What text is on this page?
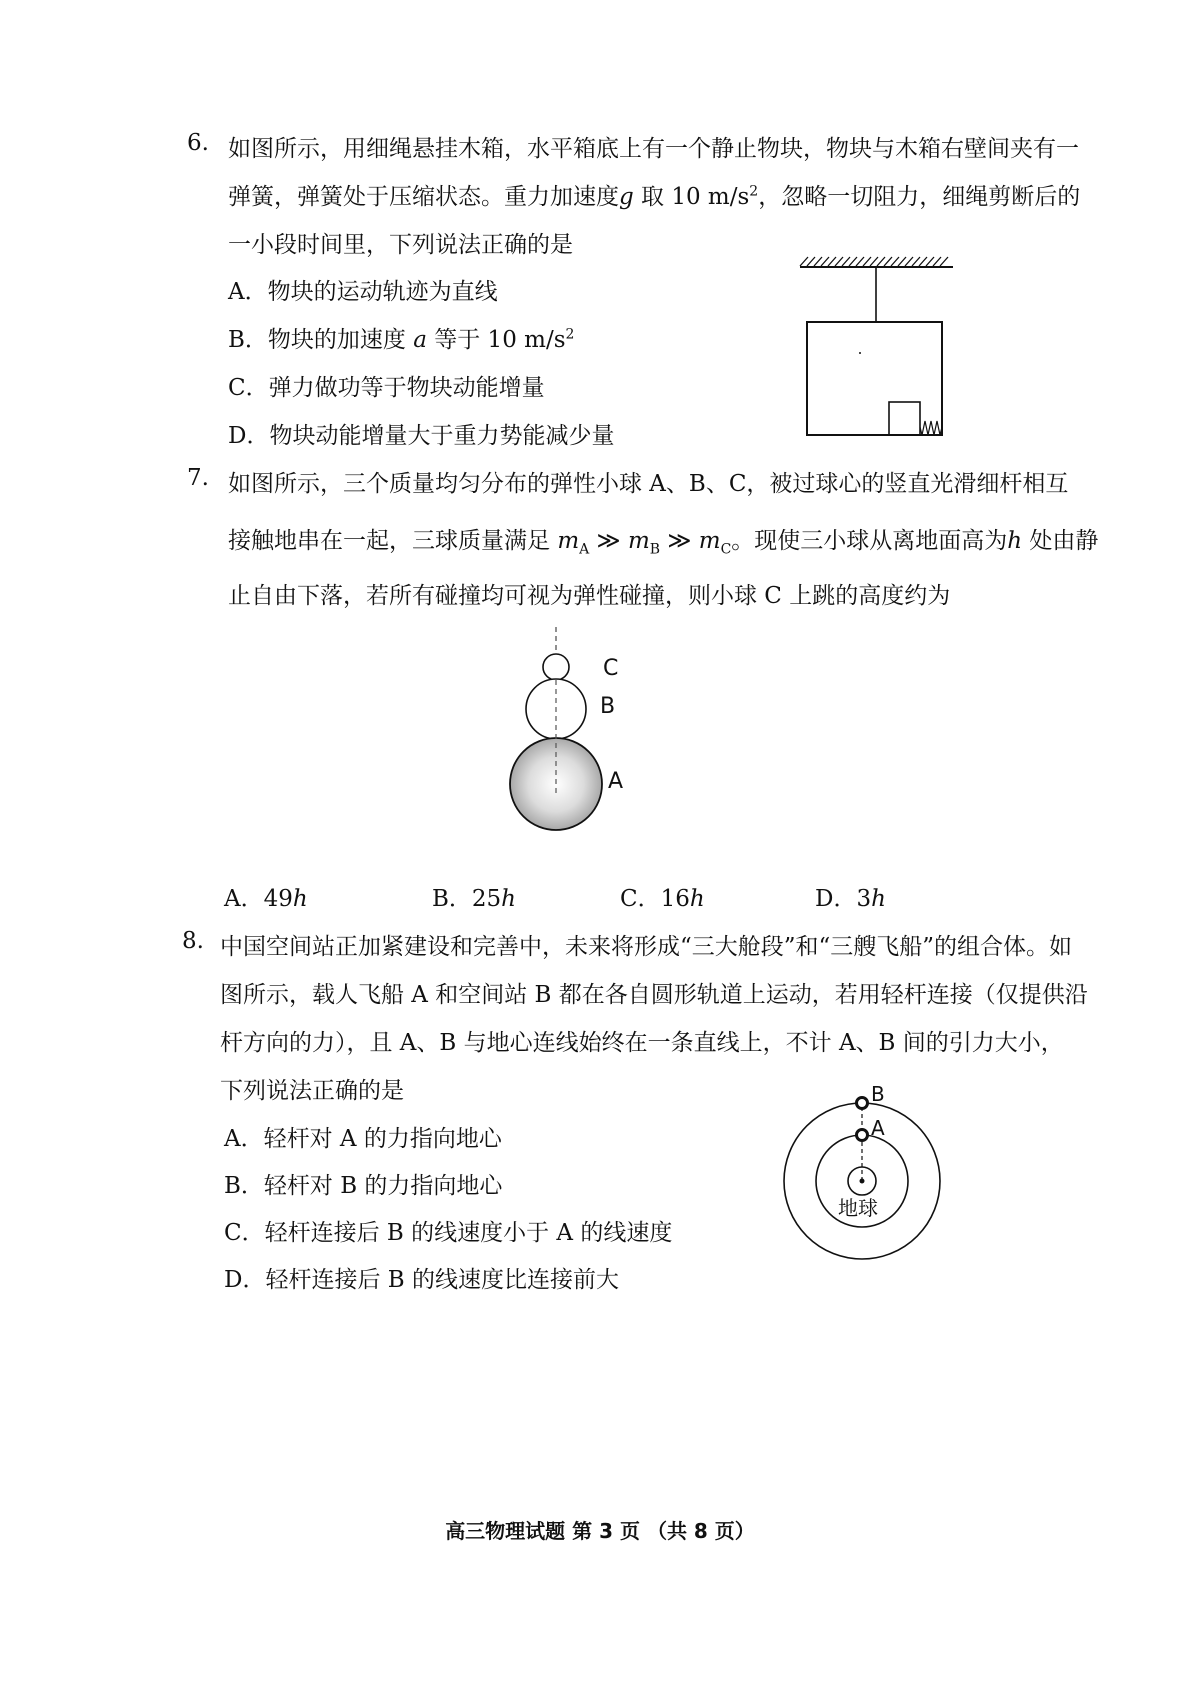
6. 如图所示，用细绳悬挂木箱，水平箱底上有一个静止物块，物块与木箱右壁间夹有一
弹簧，弹簧处于压缩状态。重力加速度g 取 10 $m/s^2$，忽略一切阻力，细绳剪断后的
一小段时间里，下列说法正确的是
A．物块的运动轨迹为直线
B．物块的加速度 a 等于 10 $m/s^2$
C．弹力做功等于物块动能增量
D．物块动能增量大于重力势能减少量
7. 如图所示，三个质量均匀分布的弹性小球 A、B、C，被过球心的竖直光滑细杆相互
接触地串在一起，三球质量满足 $m_A$ ≫ $m_B$ ≫ $m_C$。现使三小球从离地面高为h 处由静
止自由下落，若所有碰撞均可视为弹性碰撞，则小球 C 上跳的高度约为
C
B
A
A．49h	B．25h	C．16h	D．3h
8. 中国空间站正加紧建设和完善中，未来将形成“三大舱段”和“三艘飞船”的组合体。如
图所示，载人飞船 A 和空间站 B 都在各自圆形轨道上运动，若用轻杆连接（仅提供沿
杆方向的力），且 A、B 与地心连线始终在一条直线上，不计 A、B 间的引力大小，
下列说法正确的是
A．轻杆对 A 的力指向地心
B．轻杆对 B 的力指向地心
C．轻杆连接后 B 的线速度小于 A 的线速度
D．轻杆连接后 B 的线速度比连接前大
B
A
地球
高三物理试题 第 3 页 （共 8 页）
